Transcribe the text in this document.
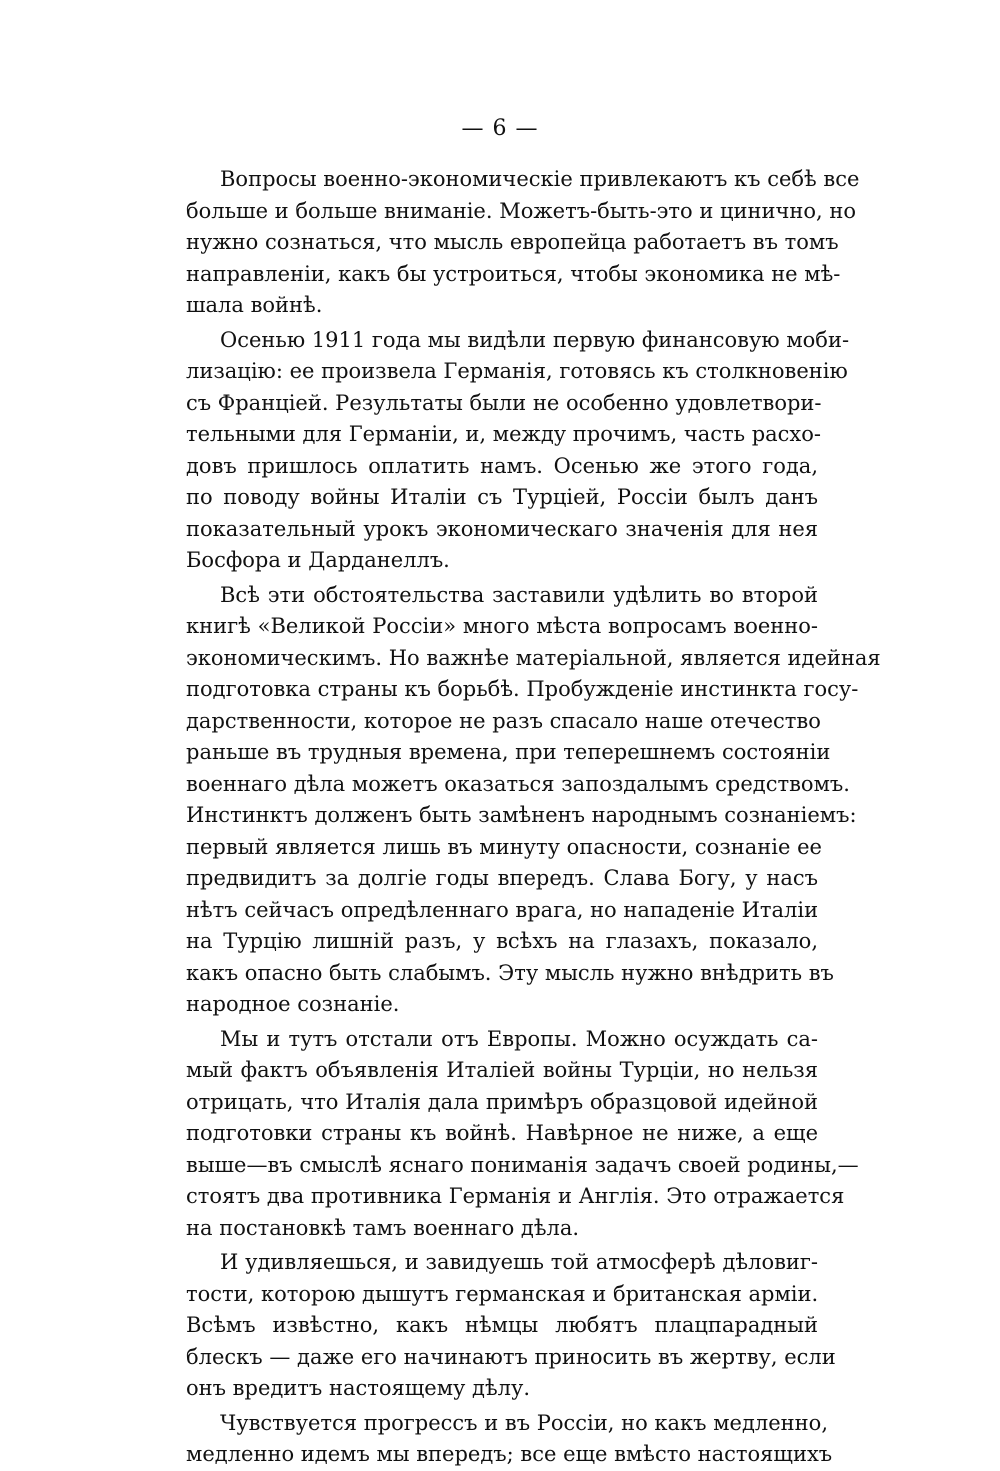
— 6 —

Вопросы военно-экономическіе привлекаютъ къ себѣ все
больше и больше вниманіе. Можетъ-быть-это и цинично, но
нужно сознаться, что мысль европейца работаетъ въ томъ
направленіи, какъ бы устроиться, чтобы экономика не мѣ-
шала войнѣ.

Осенью 1911 года мы видѣли первую финансовую моби-
лизацію: ее произвела Германія, готовясь къ столкновенію
съ Франціей. Результаты были не особенно удовлетвори-
тельными для Германіи, и, между прочимъ, часть расхо-
довъ пришлось оплатить намъ. Осенью же этого года,
по поводу войны Италіи съ Турціей, Россіи былъ данъ
показательный урокъ экономическаго значенія для нея
Босфора и Дарданеллъ.

Всѣ эти обстоятельства заставили удѣлить во второй
книгѣ «Великой Россіи» много мѣста вопросамъ военно-
экономическимъ. Но важнѣе матеріальной, является идейная
подготовка страны къ борьбѣ. Пробужденіе инстинкта госу-
дарственности, которое не разъ спасало наше отечество
раньше въ трудныя времена, при теперешнемъ состояніи
военнаго дѣла можетъ оказаться запоздалымъ средствомъ.
Инстинктъ долженъ быть замѣненъ народнымъ сознаніемъ:
первый является лишь въ минуту опасности, сознаніе ее
предвидитъ за долгіе годы впередъ. Слава Богу, у насъ
нѣтъ сейчасъ опредѣленнаго врага, но нападеніе Италіи
на Турцію лишній разъ, у всѣхъ на глазахъ, показало,
какъ опасно быть слабымъ. Эту мысль нужно внѣдрить въ
народное сознаніе.

Мы и тутъ отстали отъ Европы. Можно осуждать са-
мый фактъ объявленія Италіей войны Турціи, но нельзя
отрицать, что Италія дала примѣръ образцовой идейной
подготовки страны къ войнѣ. Навѣрное не ниже, а еще
выше—въ смыслѣ яснаго пониманія задачъ своей родины,—
стоятъ два противника Германія и Англія. Это отражается
на постановкѣ тамъ военнаго дѣла.

И удивляешься, и завидуешь той атмосферѣ дѣловиг-
тости, которою дышутъ германская и британская арміи.
Всѣмъ извѣстно, какъ нѣмцы любятъ плацпарадный
блескъ — даже его начинаютъ приносить въ жертву, если
онъ вредитъ настоящему дѣлу.

Чувствуется прогрессъ и въ Россіи, но какъ медленно,
медленно идемъ мы впередъ; все еще вмѣсто настоящихъ
